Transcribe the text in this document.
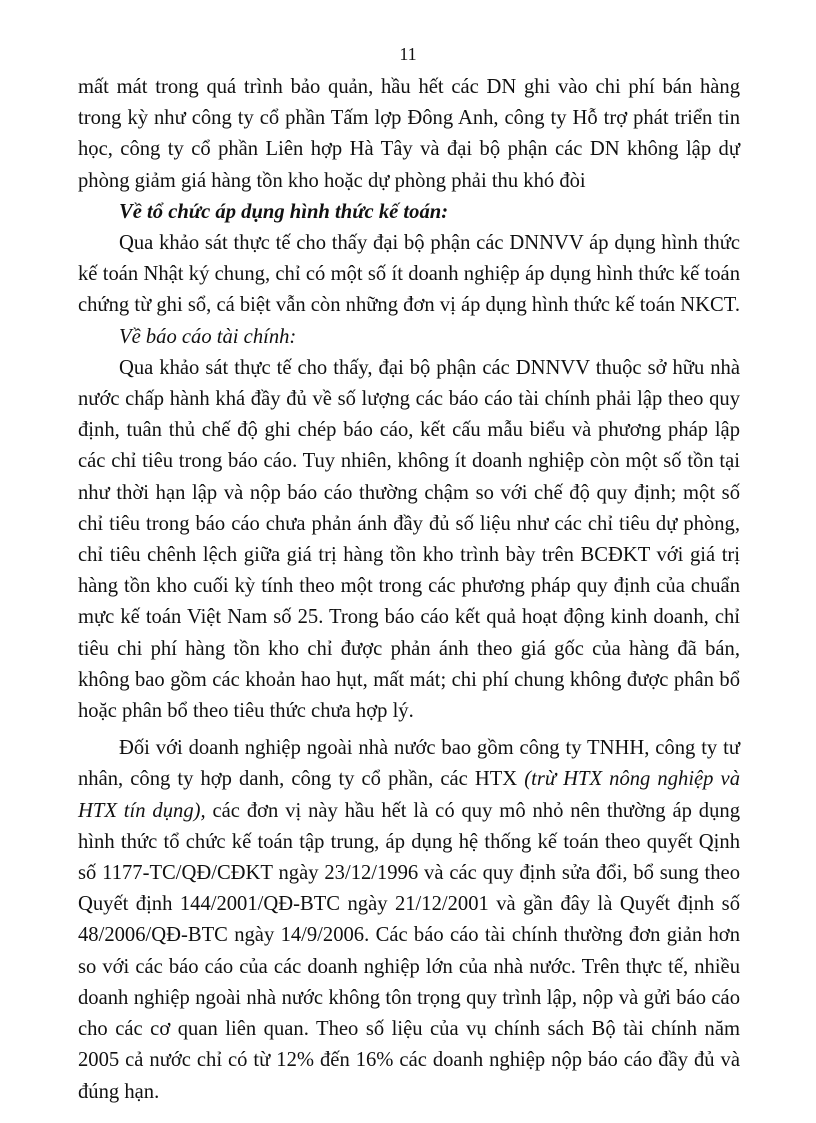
11

mất mát trong quá trình bảo quản, hầu hết các DN ghi vào chi phí bán hàng trong kỳ như công ty cổ phần Tấm lợp Đông Anh, công ty Hỗ trợ phát triển tin học, công ty cổ phần Liên hợp Hà Tây và đại bộ phận các DN không lập dự phòng giảm giá hàng tồn kho hoặc dự phòng phải thu khó đòi

Về tổ chức áp dụng hình thức kế toán:

Qua khảo sát thực tế cho thấy đại bộ phận các DNNVV áp dụng hình thức kế toán Nhật ký chung, chỉ có một số ít doanh nghiệp áp dụng hình thức kế toán chứng từ ghi sổ, cá biệt vẫn còn những đơn vị áp dụng hình thức kế toán NKCT.

Về báo cáo tài chính:

Qua khảo sát thực tế cho thấy, đại bộ phận các DNNVV thuộc sở hữu nhà nước chấp hành khá đầy đủ về số lượng các báo cáo tài chính phải lập theo quy định, tuân thủ chế độ ghi chép báo cáo, kết cấu mẫu biểu và phương pháp lập các chỉ tiêu trong báo cáo. Tuy nhiên, không ít doanh nghiệp còn một số tồn tại như thời hạn lập và nộp báo cáo thường chậm so với chế độ quy định; một số chỉ tiêu trong báo cáo chưa phản ánh đầy đủ số liệu như các chỉ tiêu dự phòng, chỉ tiêu chênh lệch giữa giá trị hàng tồn kho trình bày trên BCĐKT với giá trị hàng tồn kho cuối kỳ tính theo một trong các phương pháp quy định của chuẩn mực kế toán Việt Nam số 25. Trong báo cáo kết quả hoạt động kinh doanh, chỉ tiêu chi phí hàng tồn kho chỉ được phản ánh theo giá gốc của hàng đã bán, không bao gồm các khoản hao hụt, mất mát; chi phí chung không được phân bổ hoặc phân bổ theo tiêu thức chưa hợp lý.

Đối với doanh nghiệp ngoài nhà nước bao gồm công ty TNHH, công ty tư nhân, công ty hợp danh, công ty cổ phần, các HTX (trừ HTX nông nghiệp và HTX tín dụng), các đơn vị này hầu hết là có quy mô nhỏ nên thường áp dụng hình thức tổ chức kế toán tập trung, áp dụng hệ thống kế toán theo quyết Qịnh số 1177-TC/QĐ/CĐKT ngày 23/12/1996 và các quy định sửa đổi, bổ sung theo Quyết định 144/2001/QĐ-BTC ngày 21/12/2001 và gần đây là Quyết định số 48/2006/QĐ-BTC ngày 14/9/2006. Các báo cáo tài chính thường đơn giản hơn so với các báo cáo của các doanh nghiệp lớn của nhà nước. Trên thực tế, nhiều doanh nghiệp ngoài nhà nước không tôn trọng quy trình lập, nộp và gửi báo cáo cho các cơ quan liên quan. Theo số liệu của vụ chính sách Bộ tài chính năm 2005 cả nước chỉ có từ 12% đến 16% các doanh nghiệp nộp báo cáo đầy đủ và đúng hạn.
